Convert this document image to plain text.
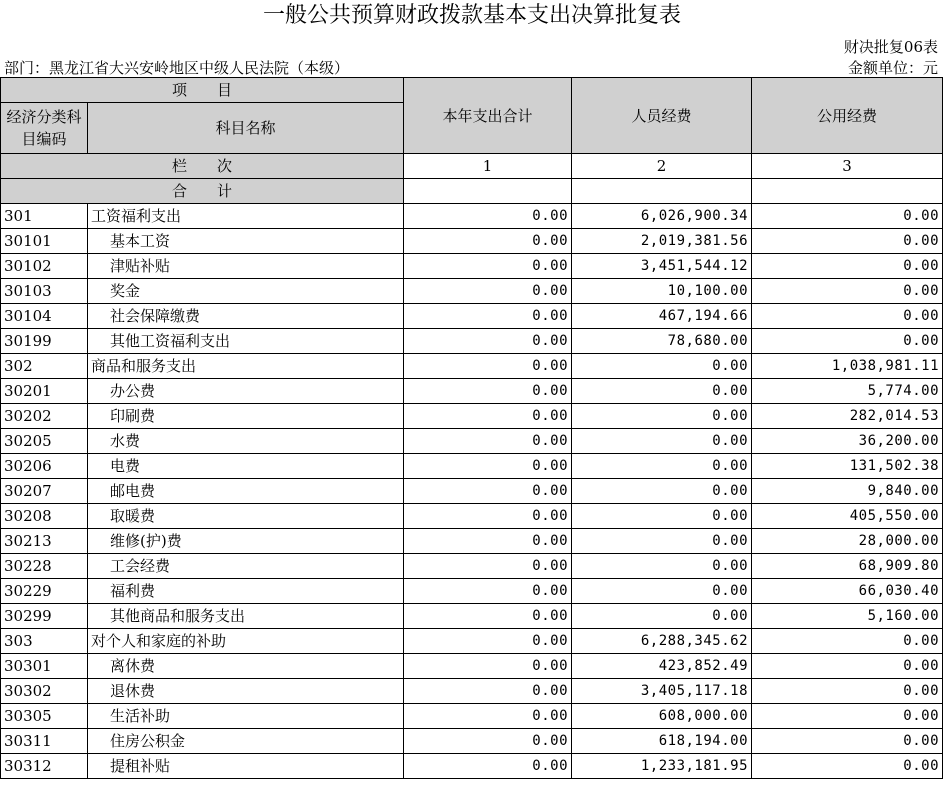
一般公共预算财政拨款基本支出决算批复表
财决批复06表
部门：黑龙江省大兴安岭地区中级人民法院（本级）	金额单位：元
项　　目		本年支出合计	人员经费	公用经费
经济分类科目编码	科目名称			

栏　　次		1	2	3
合　　计				
301	工资福利支出	0.00	6,026,900.34	0.00
30101	基本工资	0.00	2,019,381.56	0.00
30102	津贴补贴	0.00	3,451,544.12	0.00
30103	奖金	0.00	10,100.00	0.00
30104	社会保障缴费	0.00	467,194.66	0.00
30199	其他工资福利支出	0.00	78,680.00	0.00
302	商品和服务支出	0.00	0.00	1,038,981.11
30201	办公费	0.00	0.00	5,774.00
30202	印刷费	0.00	0.00	282,014.53
30205	水费	0.00	0.00	36,200.00
30206	电费	0.00	0.00	131,502.38
30207	邮电费	0.00	0.00	9,840.00
30208	取暖费	0.00	0.00	405,550.00
30213	维修(护)费	0.00	0.00	28,000.00
30228	工会经费	0.00	0.00	68,909.80
30229	福利费	0.00	0.00	66,030.40
30299	其他商品和服务支出	0.00	0.00	5,160.00
303	对个人和家庭的补助	0.00	6,288,345.62	0.00
30301	离休费	0.00	423,852.49	0.00
30302	退休费	0.00	3,405,117.18	0.00
30305	生活补助	0.00	608,000.00	0.00
30311	住房公积金	0.00	618,194.00	0.00
30312	提租补贴	0.00	1,233,181.95	0.00
